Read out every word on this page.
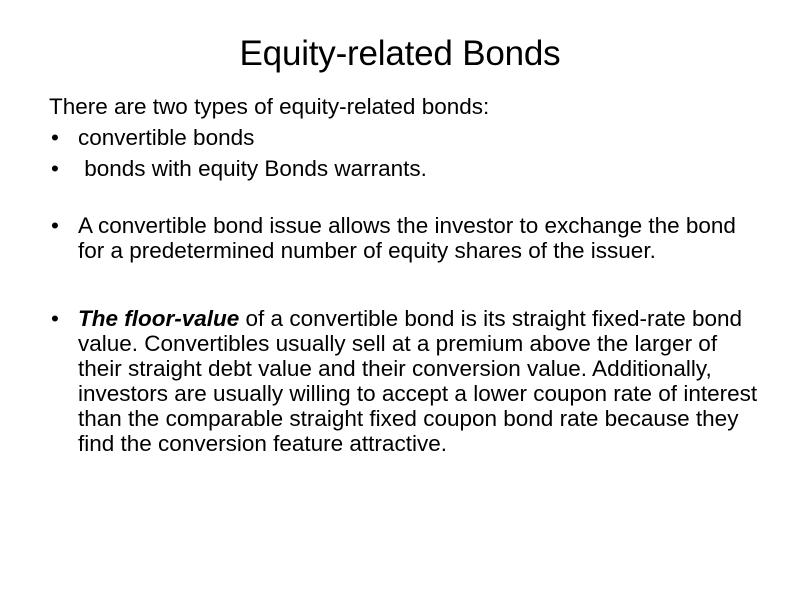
Equity-related Bonds

There are two types of equity-related bonds:

• convertible bonds
• bonds with equity Bonds warrants.
• A convertible bond issue allows the investor to exchange the bond for a predetermined number of equity shares of the issuer.
• The floor-value of a convertible bond is its straight fixed-rate bond value. Convertibles usually sell at a premium above the larger of their straight debt value and their conversion value. Additionally, investors are usually willing to accept a lower coupon rate of interest than the comparable straight fixed coupon bond rate because they find the conversion feature attractive.
